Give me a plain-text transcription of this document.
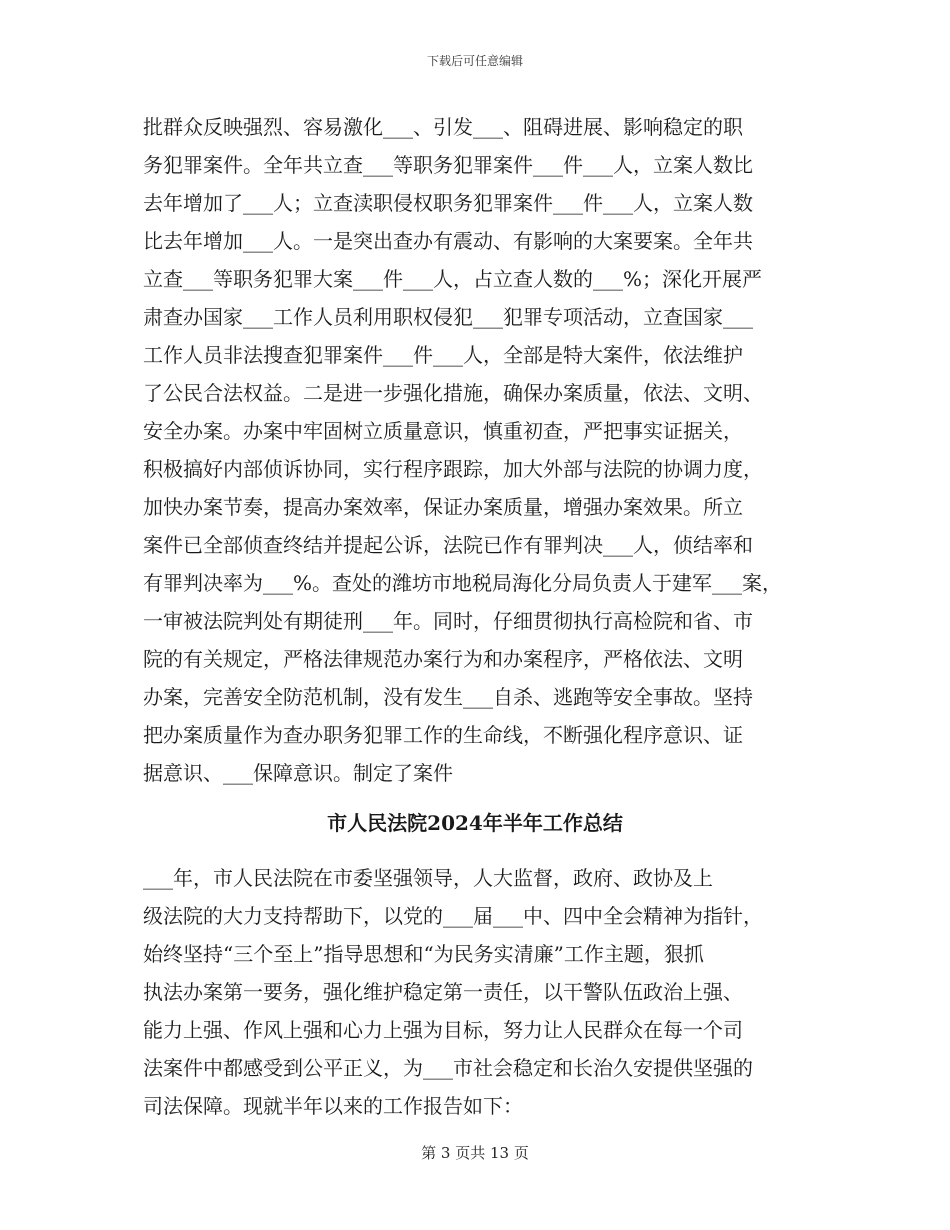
下载后可任意编辑
批群众反映强烈、容易激化___、引发___、阻碍进展、影响稳定的职
务犯罪案件。全年共立查___等职务犯罪案件___件___人，立案人数比
去年增加了___人；立查渎职侵权职务犯罪案件___件___人，立案人数
比去年增加___人。一是突出查办有震动、有影响的大案要案。全年共
立查___等职务犯罪大案___件___人，占立查人数的___%；深化开展严
肃查办国家___工作人员利用职权侵犯___犯罪专项活动，立查国家___
工作人员非法搜查犯罪案件___件___人，全部是特大案件，依法维护
了公民合法权益。二是进一步强化措施，确保办案质量，依法、文明、
安全办案。办案中牢固树立质量意识，慎重初查，严把事实证据关，
积极搞好内部侦诉协同，实行程序跟踪，加大外部与法院的协调力度，
加快办案节奏，提高办案效率，保证办案质量，增强办案效果。所立
案件已全部侦查终结并提起公诉，法院已作有罪判决___人，侦结率和
有罪判决率为___%。查处的潍坊市地税局海化分局负责人于建军___案，
一审被法院判处有期徒刑___年。同时，仔细贯彻执行高检院和省、市
院的有关规定，严格法律规范办案行为和办案程序，严格依法、文明
办案，完善安全防范机制，没有发生___自杀、逃跑等安全事故。坚持
把办案质量作为查办职务犯罪工作的生命线，不断强化程序意识、证
据意识、___保障意识。制定了案件
市人民法院2024年半年工作总结
___年，市人民法院在市委坚强领导，人大监督，政府、政协及上
级法院的大力支持帮助下，以党的___届___中、四中全会精神为指针，
始终坚持“三个至上”指导思想和“为民务实清廉”工作主题，狠抓
执法办案第一要务，强化维护稳定第一责任，以干警队伍政治上强、
能力上强、作风上强和心力上强为目标，努力让人民群众在每一个司
法案件中都感受到公平正义，为___市社会稳定和长治久安提供坚强的
司法保障。现就半年以来的工作报告如下：
第 3 页共 13 页
